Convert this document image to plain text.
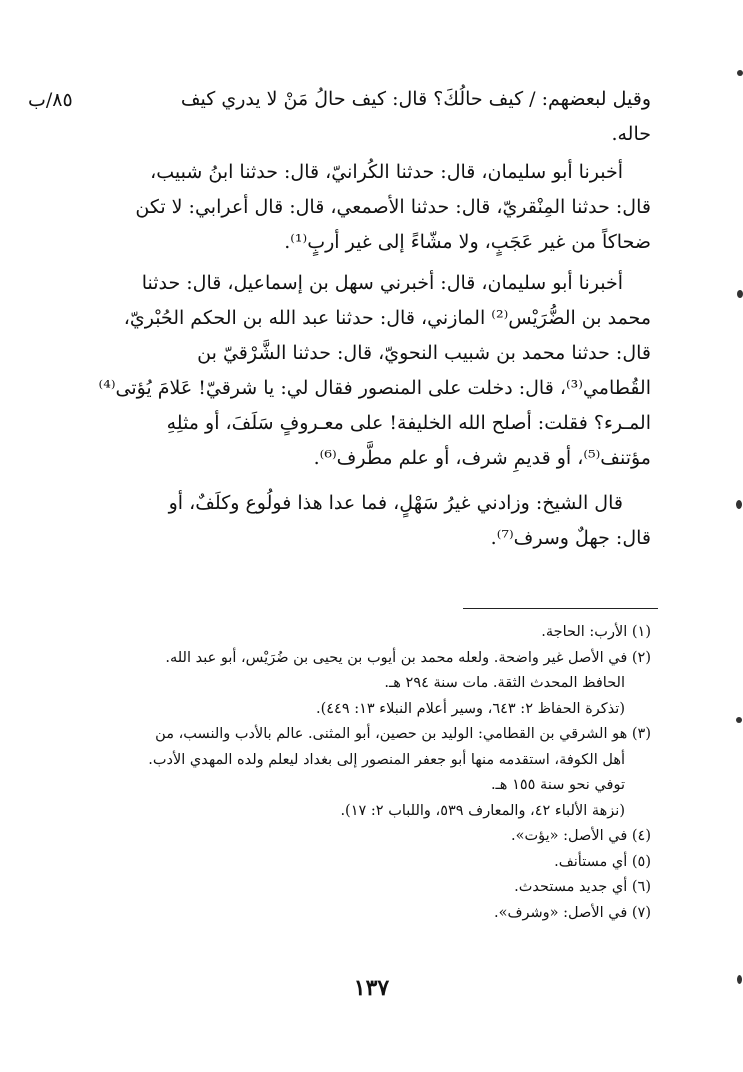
٨٥/ب	وقيل لبعضهم: / كيف حالُكَ؟ قال: كيف حالُ مَنْ لا يدري كيف
حاله.
أخبرنا أبو سليمان، قال: حدثنا الكُرانيّ، قال: حدثنا ابنُ شبيب،
قال: حدثنا المِنْقريّ، قال: حدثنا الأصمعي، قال: قال أعرابي: لا تكن
ضحاكاً من غير عَجَبٍ، ولا مشّاءً إلى غير أربٍ⁽¹⁾.
أخبرنا أبو سليمان، قال: أخبرني سهل بن إسماعيل، قال: حدثنا
محمد بن الضُّرَيْس⁽²⁾ المازني، قال: حدثنا عبد الله بن الحكم الحُبْريّ،
قال: حدثنا محمد بن شبيب النحويّ، قال: حدثنا الشَّرْقيّ بن
القُطامي⁽³⁾، قال: دخلت على المنصور فقال لي: يا شرقيّ! عَلامَ يُؤتى⁽⁴⁾
المـرء؟ فقلت: أصلح الله الخليفة! على معـروفٍ سَلَفَ، أو مثلِهِ
مؤتنف⁽⁵⁾، أو قديمِ شرف، أو علم مطَّرف⁽⁶⁾.
قال الشيخ: وزادني غيرُ سَهْلٍ، فما عدا هذا فولُوع وكلَفٌ، أو
قال: جهلٌ وسرف⁽⁷⁾.
(١) الأرب: الحاجة.
(٢) في الأصل غير واضحة. ولعله محمد بن أيوب بن يحيى بن ضُرَيْس، أبو عبد الله.
الحافظ المحدث الثقة. مات سنة ٢٩٤ هـ.
(تذكرة الحفاظ ٢: ٦٤٣، وسير أعلام النبلاء ١٣: ٤٤٩).
(٣) هو الشرقي بن القطامي: الوليد بن حصين، أبو المثنى. عالم بالأدب والنسب، من
أهل الكوفة، استقدمه منها أبو جعفر المنصور إلى بغداد ليعلم ولده المهدي الأدب.
توفي نحو سنة ١٥٥ هـ.
(نزهة الألباء ٤٢، والمعارف ٥٣٩، واللباب ٢: ١٧).
(٤) في الأصل: «يؤت».
(٥) أي مستأنف.
(٦) أي جديد مستحدث.
(٧) في الأصل: «وشرف».
١٣٧
